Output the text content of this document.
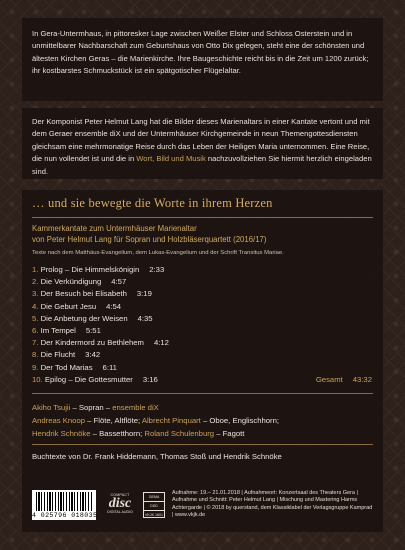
In Gera-Untermhaus, in pittoresker Lage zwischen Weißer Elster und Schloss Osterstein und in unmittelbarer Nachbarschaft zum Geburtshaus von Otto Dix gelegen, steht eine der schönsten und ältesten Kirchen Geras – die Marienkirche. Ihre Baugeschichte reicht bis in die Zeit um 1200 zurück; ihr kostbarstes Schmuckstück ist ein spätgotischer Flügelaltar.

Der Komponist Peter Helmut Lang hat die Bilder dieses Marienaltars in einer Kantate vertont und mit dem Geraer ensemble diX und der Untermhäuser Kirchgemeinde in neun Themengottesdiensten gleichsam eine mehrmonatige Reise durch das Leben der Heiligen Maria unternommen. Eine Reise, die nun vollendet ist und die in Wort, Bild und Musik nachzuvollziehen Sie hiermit herzlich eingeladen sind.

… und sie bewegte die Worte in ihrem Herzen
Kammerkantate zum Untermhäuser Marienaltar
von Peter Helmut Lang für Sopran und Holzbläserquartett (2016/17)
Texte nach dem Matthäus-Evangelium, dem Lukas-Evangelium und der Schrift Transitus Mariae.
1. Prolog – Die Himmelskönigin 2:33
2. Die Verkündigung 4:57
3. Der Besuch bei Elisabeth 3:19
4. Die Geburt Jesu 4:54
5. Die Anbetung der Weisen 4:35
6. Im Tempel 5:51
7. Der Kindermord zu Bethlehem 4:12
8. Die Flucht 3:42
9. Der Tod Marias 6:11
10. Epilog – Die Gottesmutter 3:16	Gesamt 43:32
Akiho Tsujii – Sopran – ensemble diX
Andreas Knoop – Flöte, Altflöte; Albrecht Pinquart – Oboe, Englischhorn;
Hendrik Schnöke – Bassetthorn; Roland Schulenburg – Fagott
Buchtexte von Dr. Frank Hiddemann, Thomas Stoß und Hendrik Schnöke
4 025796 018035
COMPACT
disc
DIGITAL AUDIO
GEMA
DDD
VKJK 1801
Aufnahme: 19.– 21.01.2018 | Aufnahmeort: Konzertsaal des Theaters Gera | Aufnahme und Schnitt: Peter Helmut Lang | Mischung und Mastering Harms Achtergarde | © 2018 by querstand, dem Klassiklabel der Verlagsgruppe Kamprad | www.vkjk.de
